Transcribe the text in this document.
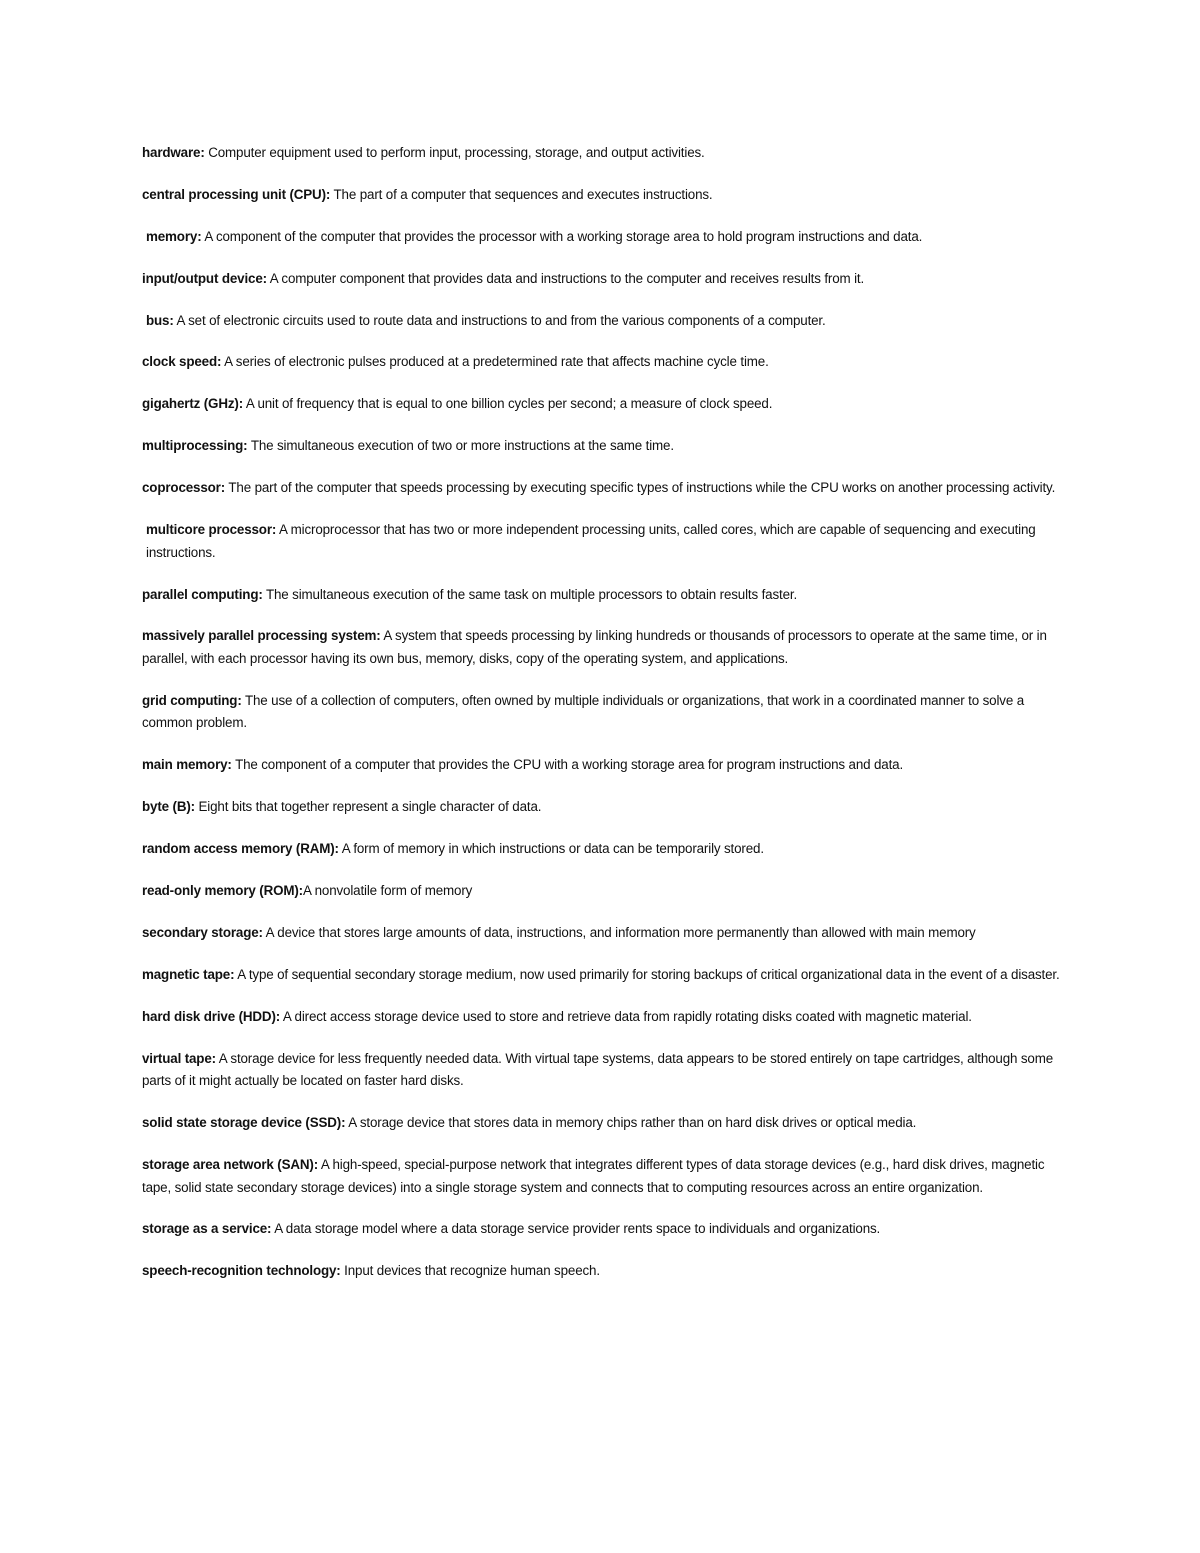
hardware: Computer equipment used to perform input, processing, storage, and output activities.
central processing unit (CPU): The part of a computer that sequences and executes instructions.
memory: A component of the computer that provides the processor with a working storage area to hold program instructions and data.
input/output device: A computer component that provides data and instructions to the computer and receives results from it.
bus: A set of electronic circuits used to route data and instructions to and from the various components of a computer.
clock speed: A series of electronic pulses produced at a predetermined rate that affects machine cycle time.
gigahertz (GHz): A unit of frequency that is equal to one billion cycles per second; a measure of clock speed.
multiprocessing: The simultaneous execution of two or more instructions at the same time.
coprocessor: The part of the computer that speeds processing by executing specific types of instructions while the CPU works on another processing activity.
multicore processor: A microprocessor that has two or more independent processing units, called cores, which are capable of sequencing and executing instructions.
parallel computing: The simultaneous execution of the same task on multiple processors to obtain results faster.
massively parallel processing system: A system that speeds processing by linking hundreds or thousands of processors to operate at the same time, or in parallel, with each processor having its own bus, memory, disks, copy of the operating system, and applications.
grid computing: The use of a collection of computers, often owned by multiple individuals or organizations, that work in a coordinated manner to solve a common problem.
main memory: The component of a computer that provides the CPU with a working storage area for program instructions and data.
byte (B): Eight bits that together represent a single character of data.
random access memory (RAM): A form of memory in which instructions or data can be temporarily stored.
read-only memory (ROM):A nonvolatile form of memory
secondary storage: A device that stores large amounts of data, instructions, and information more permanently than allowed with main memory
magnetic tape: A type of sequential secondary storage medium, now used primarily for storing backups of critical organizational data in the event of a disaster.
hard disk drive (HDD): A direct access storage device used to store and retrieve data from rapidly rotating disks coated with magnetic material.
virtual tape: A storage device for less frequently needed data. With virtual tape systems, data appears to be stored entirely on tape cartridges, although some parts of it might actually be located on faster hard disks.
solid state storage device (SSD): A storage device that stores data in memory chips rather than on hard disk drives or optical media.
storage area network (SAN): A high-speed, special-purpose network that integrates different types of data storage devices (e.g., hard disk drives, magnetic tape, solid state secondary storage devices) into a single storage system and connects that to computing resources across an entire organization.
storage as a service: A data storage model where a data storage service provider rents space to individuals and organizations.
speech-recognition technology: Input devices that recognize human speech.
